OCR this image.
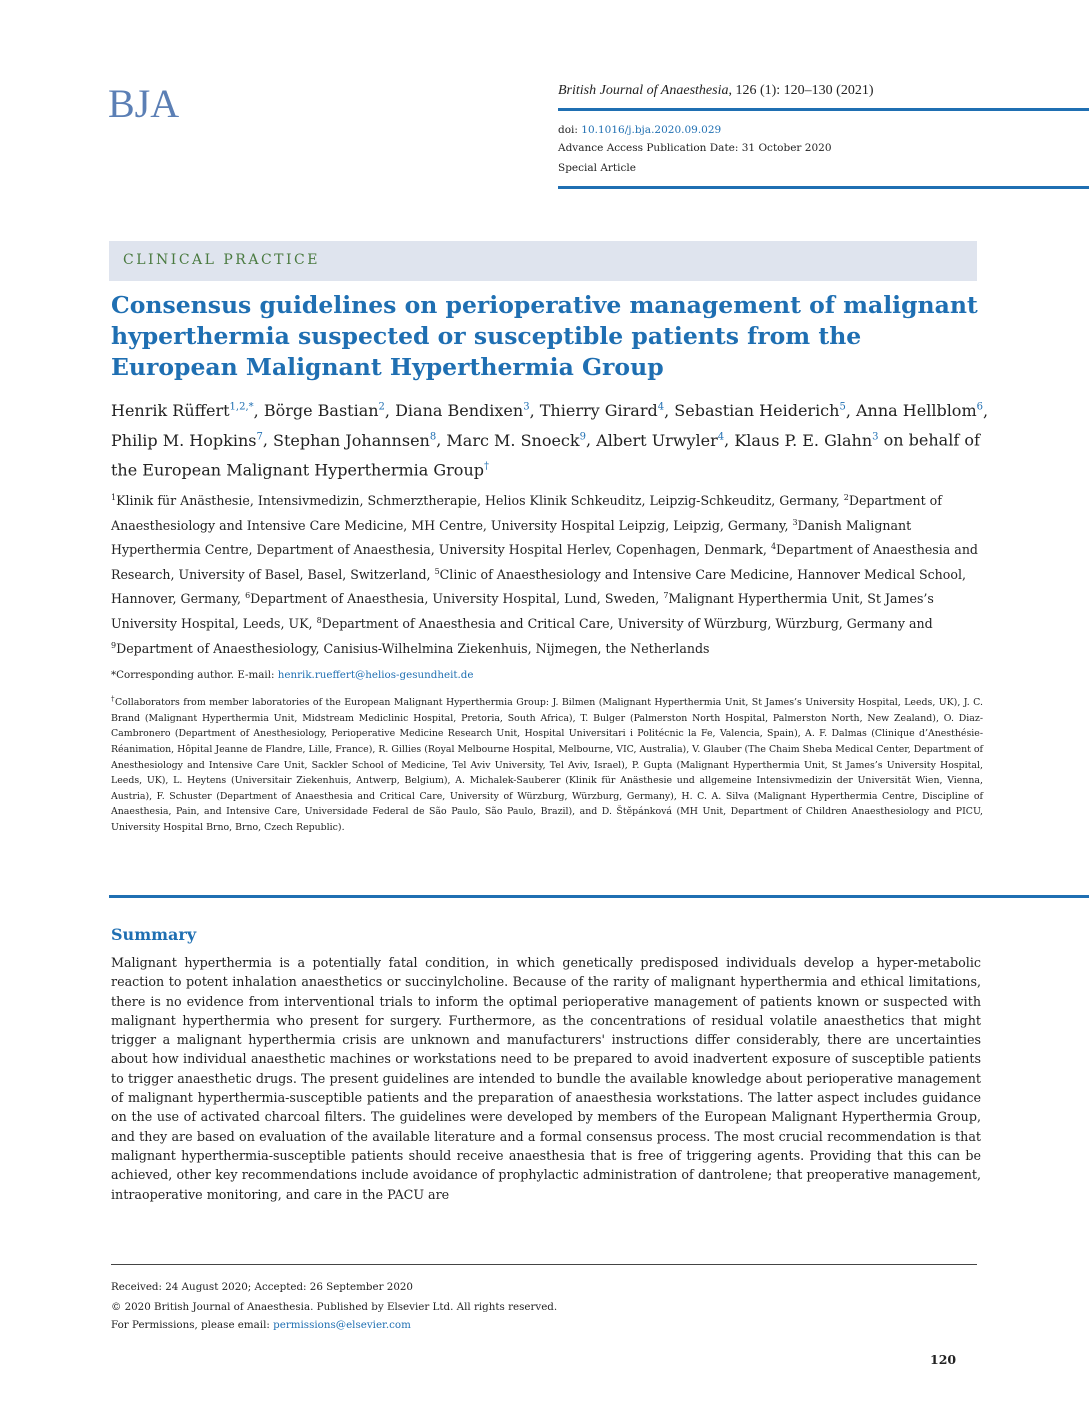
BJA	British Journal of Anaesthesia, 126 (1): 120–130 (2021)
doi: 10.1016/j.bja.2020.09.029
Advance Access Publication Date: 31 October 2020
Special Article
CLINICAL PRACTICE
Consensus guidelines on perioperative management of malignant hyperthermia suspected or susceptible patients from the European Malignant Hyperthermia Group
Henrik Rüffert$^{1,2,*}$, Börge Bastian$^2$, Diana Bendixen$^3$, Thierry Girard$^4$, Sebastian Heiderich$^5$, Anna Hellblom$^6$, Philip M. Hopkins$^7$, Stephan Johannsen$^8$, Marc M. Snoeck$^9$, Albert Urwyler$^4$, Klaus P. E. Glahn$^3$ on behalf of the European Malignant Hyperthermia Group†
$^1$Klinik für Anästhesie, Intensivmedizin, Schmerztherapie, Helios Klinik Schkeuditz, Leipzig-Schkeuditz, Germany, $^2$Department of Anaesthesiology and Intensive Care Medicine, MH Centre, University Hospital Leipzig, Leipzig, Germany, $^3$Danish Malignant Hyperthermia Centre, Department of Anaesthesia, University Hospital Herlev, Copenhagen, Denmark, $^4$Department of Anaesthesia and Research, University of Basel, Basel, Switzerland, $^5$Clinic of Anaesthesiology and Intensive Care Medicine, Hannover Medical School, Hannover, Germany, $^6$Department of Anaesthesia, University Hospital, Lund, Sweden, $^7$Malignant Hyperthermia Unit, St James’s University Hospital, Leeds, UK, $^8$Department of Anaesthesia and Critical Care, University of Würzburg, Würzburg, Germany and $^9$Department of Anaesthesiology, Canisius-Wilhelmina Ziekenhuis, Nijmegen, the Netherlands
*Corresponding author. E-mail: henrik.rueffert@helios-gesundheit.de
†Collaborators from member laboratories of the European Malignant Hyperthermia Group: J. Bilmen (Malignant Hyperthermia Unit, St James’s University Hospital, Leeds, UK), J. C. Brand (Malignant Hyperthermia Unit, Midstream Mediclinic Hospital, Pretoria, South Africa), T. Bulger (Palmerston North Hospital, Palmerston North, New Zealand), O. Diaz-Cambronero (Department of Anesthesiology, Perioperative Medicine Research Unit, Hospital Universitari i Politécnic la Fe, Valencia, Spain), A. F. Dalmas (Clinique d’Anesthésie-Réanimation, Hôpital Jeanne de Flandre, Lille, France), R. Gillies (Royal Melbourne Hospital, Melbourne, VIC, Australia), V. Glauber (The Chaim Sheba Medical Center, Department of Anesthesiology and Intensive Care Unit, Sackler School of Medicine, Tel Aviv University, Tel Aviv, Israel), P. Gupta (Malignant Hyperthermia Unit, St James’s University Hospital, Leeds, UK), L. Heytens (Universitair Ziekenhuis, Antwerp, Belgium), A. Michalek-Sauberer (Klinik für Anästhesie und allgemeine Intensivmedizin der Universität Wien, Vienna, Austria), F. Schuster (Department of Anaesthesia and Critical Care, University of Würzburg, Würzburg, Germany), H. C. A. Silva (Malignant Hyperthermia Centre, Discipline of Anaesthesia, Pain, and Intensive Care, Universidade Federal de São Paulo, São Paulo, Brazil), and D. Štěpánková (MH Unit, Department of Children Anaesthesiology and PICU, University Hospital Brno, Brno, Czech Republic).
Summary

Malignant hyperthermia is a potentially fatal condition, in which genetically predisposed individuals develop a hyper-metabolic reaction to potent inhalation anaesthetics or succinylcholine. Because of the rarity of malignant hyperthermia and ethical limitations, there is no evidence from interventional trials to inform the optimal perioperative management of patients known or suspected with malignant hyperthermia who present for surgery. Furthermore, as the concentrations of residual volatile anaesthetics that might trigger a malignant hyperthermia crisis are unknown and manufacturers' instructions differ considerably, there are uncertainties about how individual anaesthetic machines or workstations need to be prepared to avoid inadvertent exposure of susceptible patients to trigger anaesthetic drugs. The present guidelines are intended to bundle the available knowledge about perioperative management of malignant hyperthermia-susceptible patients and the preparation of anaesthesia workstations. The latter aspect includes guidance on the use of activated charcoal filters. The guidelines were developed by members of the European Malignant Hyperthermia Group, and they are based on evaluation of the available literature and a formal consensus process. The most crucial recommendation is that malignant hyperthermia-susceptible patients should receive anaesthesia that is free of triggering agents. Providing that this can be achieved, other key recommendations include avoidance of prophylactic administration of dantrolene; that preoperative management, intraoperative monitoring, and care in the PACU are

Received: 24 August 2020; Accepted: 26 September 2020
© 2020 British Journal of Anaesthesia. Published by Elsevier Ltd. All rights reserved.
For Permissions, please email: permissions@elsevier.com
120
